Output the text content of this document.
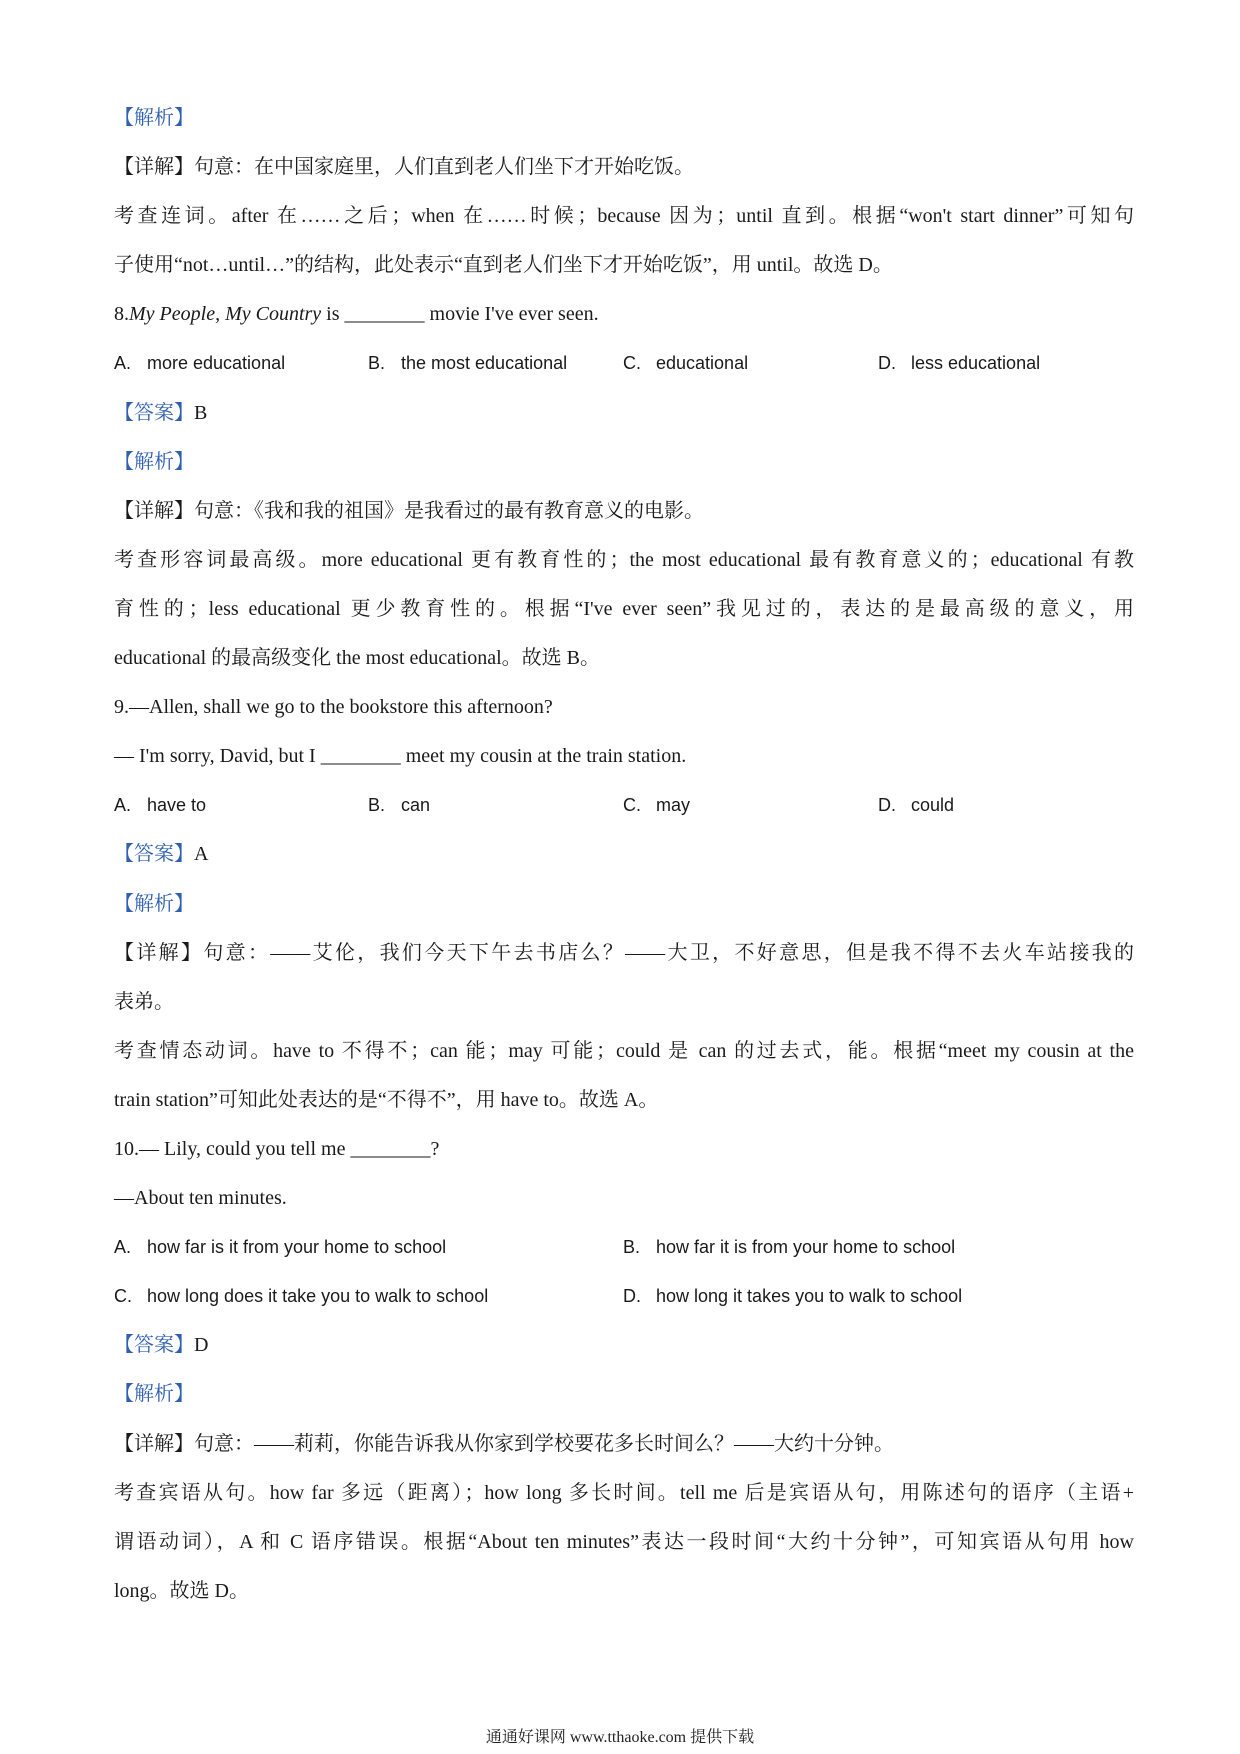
【解析】
【详解】句意：在中国家庭里，人们直到老人们坐下才开始吃饭。
考查连词。after 在……之后；when 在……时候；because 因为；until 直到。根据“won't start dinner”可知句
子使用“not…until…”的结构，此处表示“直到老人们坐下才开始吃饭”，用 until。故选 D。
8.My People, My Country is ________ movie I've ever seen.
A. more educational	B. the most educational	C. educational	D. less educational
【答案】B
【解析】
【详解】句意：《我和我的祖国》是我看过的最有教育意义的电影。
考查形容词最高级。more educational 更有教育性的；the most educational 最有教育意义的；educational 有教
育性的；less educational 更少教育性的。根据“I've ever seen”我见过的，表达的是最高级的意义，用
educational 的最高级变化 the most educational。故选 B。
9.—Allen, shall we go to the bookstore this afternoon?
— I'm sorry, David, but I ________ meet my cousin at the train station.
A. have to	B. can	C. may	D. could
【答案】A
【解析】
【详解】句意：——艾伦，我们今天下午去书店么？——大卫，不好意思，但是我不得不去火车站接我的
表弟。
考查情态动词。have to 不得不；can 能；may 可能；could 是 can 的过去式，能。根据“meet my cousin at the
train station”可知此处表达的是“不得不”，用 have to。故选 A。
10.— Lily, could you tell me ________?
—About ten minutes.
A. how far is it from your home to school	B. how far it is from your home to school
C. how long does it take you to walk to school	D. how long it takes you to walk to school
【答案】D
【解析】
【详解】句意：——莉莉，你能告诉我从你家到学校要花多长时间么？——大约十分钟。
考查宾语从句。how far 多远（距离）；how long 多长时间。tell me 后是宾语从句，用陈述句的语序（主语+
谓语动词），A 和 C 语序错误。根据“About ten minutes”表达一段时间“大约十分钟”，可知宾语从句用 how
long。故选 D。
通通好课网 www.tthaoke.com 提供下载
